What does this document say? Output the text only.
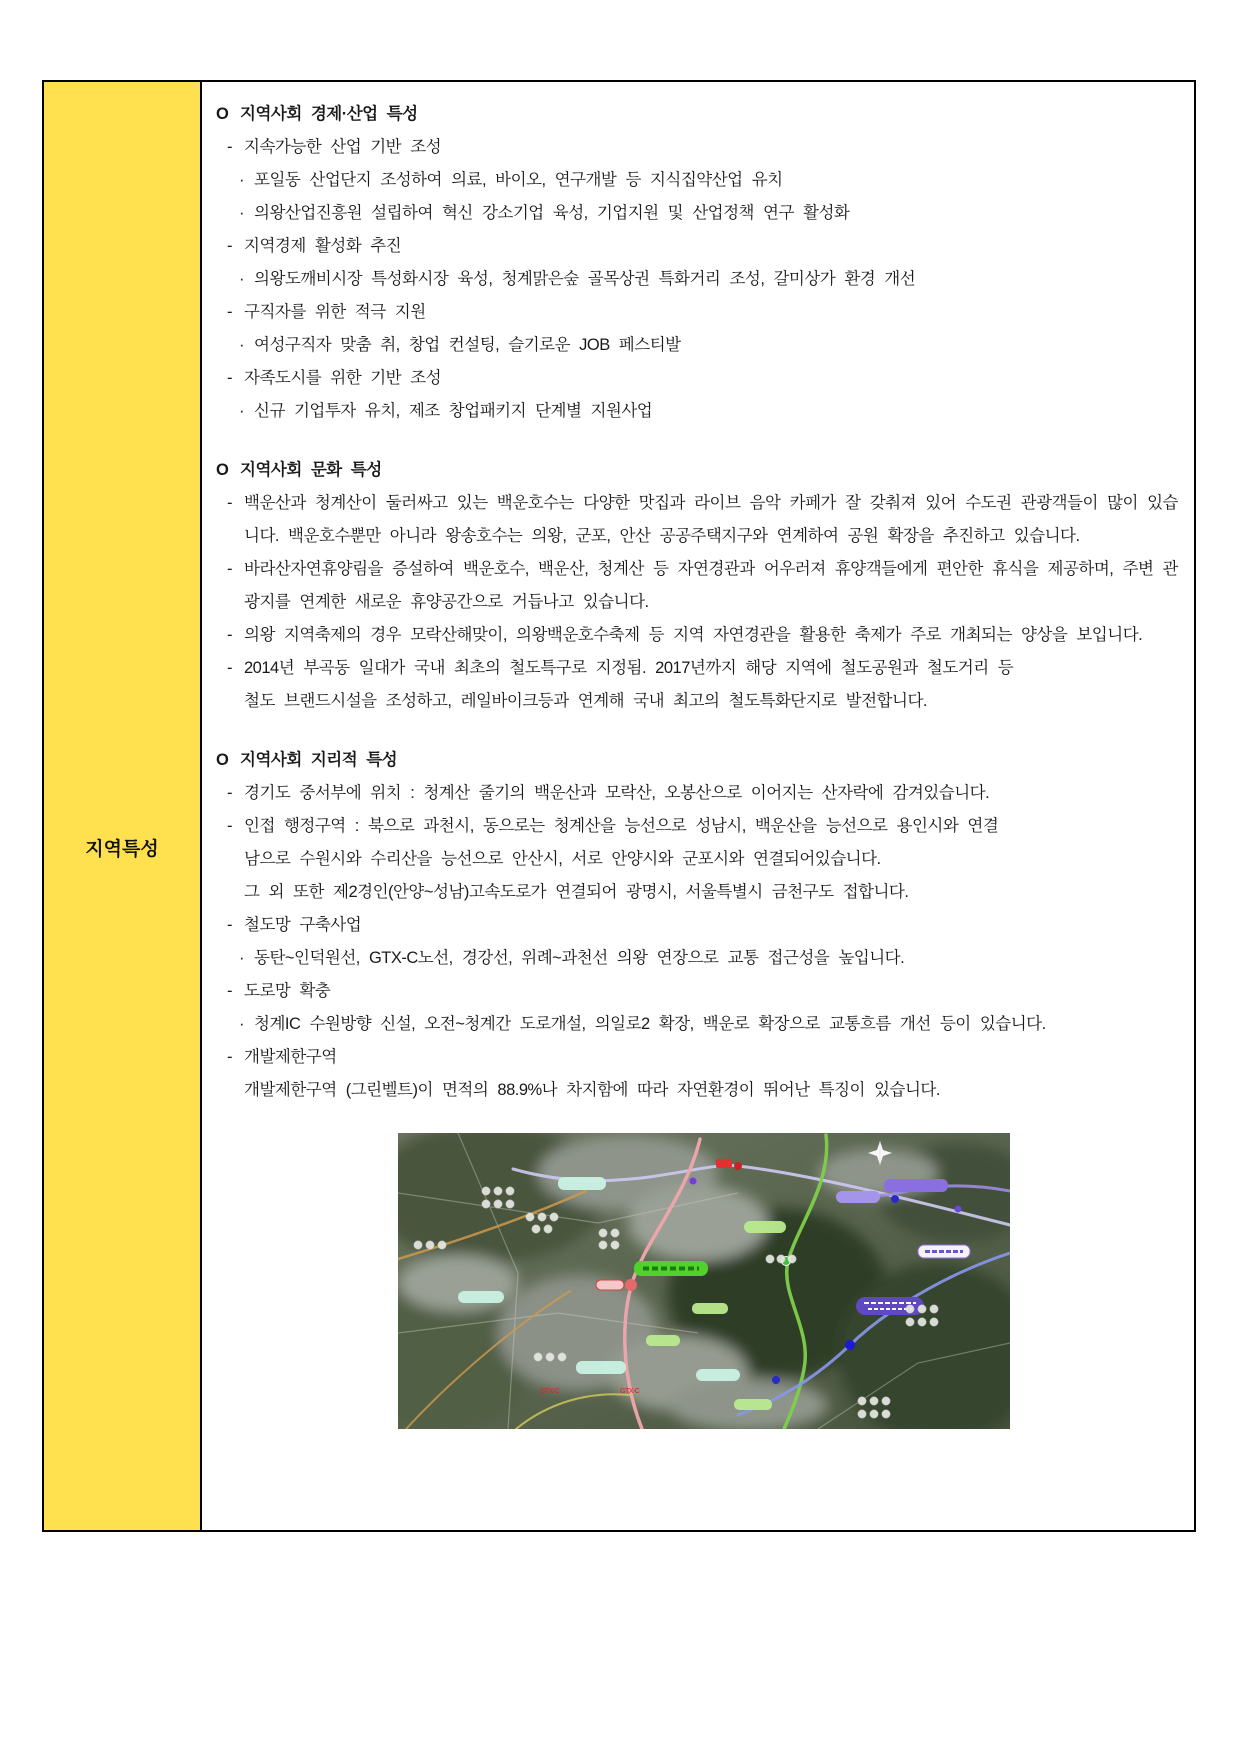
지역특성
O 지역사회 경제·산업 특성
- 지속가능한 산업 기반 조성
· 포일동 산업단지 조성하여 의료, 바이오, 연구개발 등 지식집약산업 유치
· 의왕산업진흥원 설립하여 혁신 강소기업 육성, 기업지원 및 산업정책 연구 활성화
- 지역경제 활성화 추진
· 의왕도깨비시장 특성화시장 육성, 청계맑은숲 골목상권 특화거리 조성, 갈미상가 환경 개선
- 구직자를 위한 적극 지원
· 여성구직자 맞춤 취, 창업 컨설팅, 슬기로운 JOB 페스티발
- 자족도시를 위한 기반 조성
· 신규 기업투자 유치, 제조 창업패키지 단계별 지원사업
O 지역사회 문화 특성
- 백운산과 청계산이 둘러싸고 있는 백운호수는 다양한 맛집과 라이브 음악 카페가 잘 갖춰져 있어 수도권 관광객들이 많이 있습니다. 백운호수뿐만 아니라 왕송호수는 의왕, 군포, 안산 공공주택지구와 연계하여 공원 확장을 추진하고 있습니다.
- 바라산자연휴양림을 증설하여 백운호수, 백운산, 청계산 등 자연경관과 어우러져 휴양객들에게 편안한 휴식을 제공하며, 주변 관광지를 연계한 새로운 휴양공간으로 거듭나고 있습니다.
- 의왕 지역축제의 경우 모락산해맞이, 의왕백운호수축제 등 지역 자연경관을 활용한 축제가 주로 개최되는 양상을 보입니다.
- 2014년 부곡동 일대가 국내 최초의 철도특구로 지정됨. 2017년까지 해당 지역에 철도공원과 철도거리 등
철도 브랜드시설을 조성하고, 레일바이크등과 연계해 국내 최고의 철도특화단지로 발전합니다.
O 지역사회 지리적 특성
- 경기도 중서부에 위치 : 청계산 줄기의 백운산과 모락산, 오봉산으로 이어지는 산자락에 감겨있습니다.
- 인접 행정구역 : 북으로 과천시, 동으로는 청계산을 능선으로 성남시, 백운산을 능선으로 용인시와 연결
남으로 수원시와 수리산을 능선으로 안산시, 서로 안양시와 군포시와 연결되어있습니다.
그 외 또한 제2경인(안양~성남)고속도로가 연결되어 광명시, 서울특별시 금천구도 접합니다.
- 철도망 구축사업
· 동탄~인덕원선, GTX-C노선, 경강선, 위례~과천선 의왕 연장으로 교통 접근성을 높입니다.
- 도로망 확충
· 청계IC 수원방향 신설, 오전~청계간 도로개설, 의일로2 확장, 백운로 확장으로 교통흐름 개선 등이 있습니다.
- 개발제한구역
개발제한구역 (그린벨트)이 면적의 88.9%나 차지함에 따라 자연환경이 뛰어난 특징이 있습니다.
GTX-C	GTX-C
